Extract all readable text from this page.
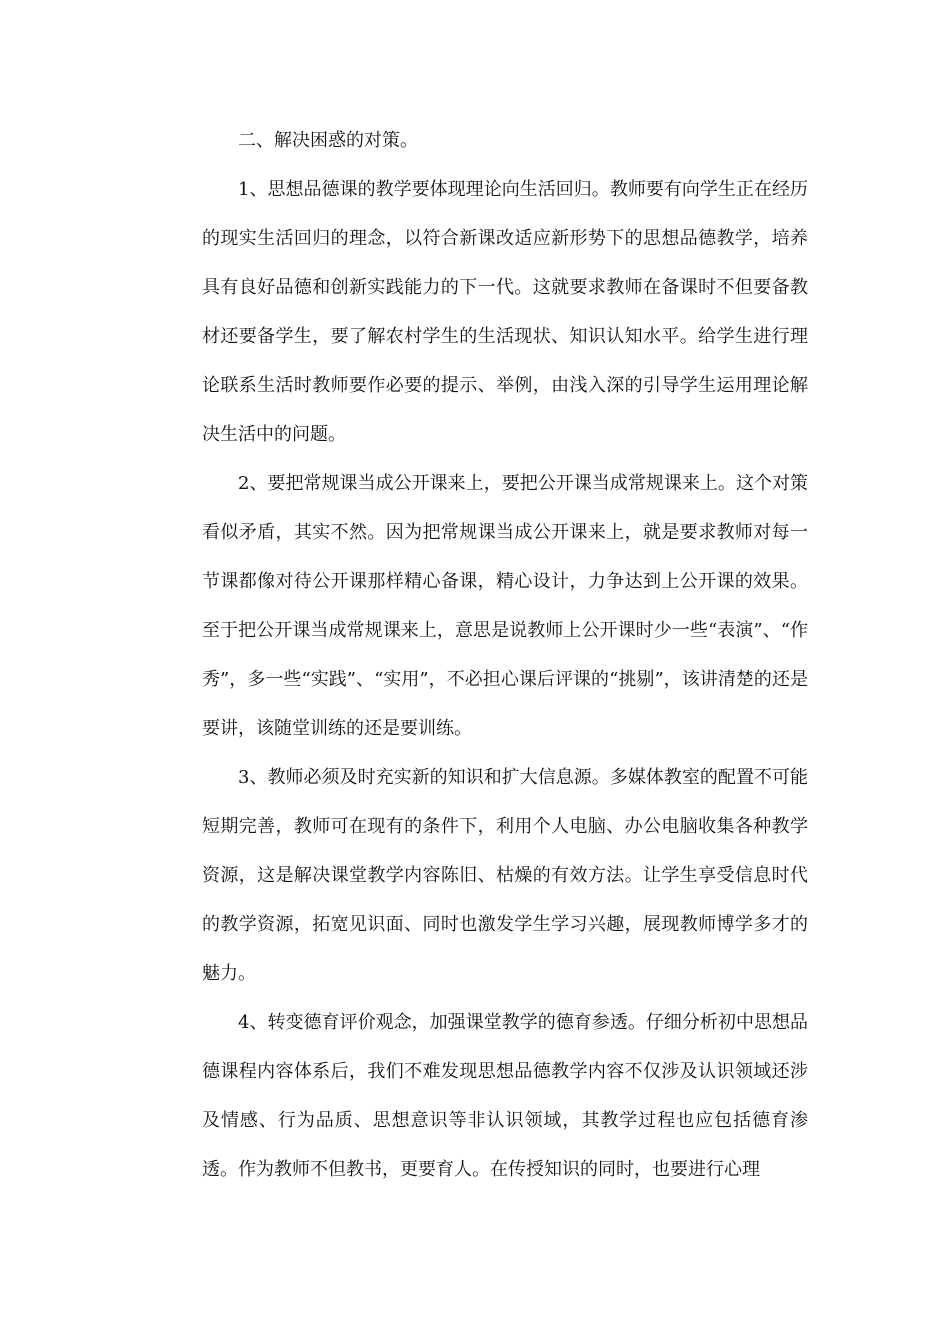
二、解决困惑的对策。

1、思想品德课的教学要体现理论向生活回归。教师要有向学生正在经历的现实生活回归的理念，以符合新课改适应新形势下的思想品德教学，培养具有良好品德和创新实践能力的下一代。这就要求教师在备课时不但要备教材还要备学生，要了解农村学生的生活现状、知识认知水平。给学生进行理论联系生活时教师要作必要的提示、举例，由浅入深的引导学生运用理论解决生活中的问题。

2、要把常规课当成公开课来上，要把公开课当成常规课来上。这个对策看似矛盾，其实不然。因为把常规课当成公开课来上，就是要求教师对每一节课都像对待公开课那样精心备课，精心设计，力争达到上公开课的效果。至于把公开课当成常规课来上，意思是说教师上公开课时少一些“表演”、“作秀”，多一些“实践”、“实用”，不必担心课后评课的“挑剔”，该讲清楚的还是要讲，该随堂训练的还是要训练。

3、教师必须及时充实新的知识和扩大信息源。多媒体教室的配置不可能短期完善，教师可在现有的条件下，利用个人电脑、办公电脑收集各种教学资源，这是解决课堂教学内容陈旧、枯燥的有效方法。让学生享受信息时代的教学资源，拓宽见识面、同时也激发学生学习兴趣，展现教师博学多才的魅力。

4、转变德育评价观念，加强课堂教学的德育参透。仔细分析初中思想品德课程内容体系后，我们不难发现思想品德教学内容不仅涉及认识领域还涉及情感、行为品质、思想意识等非认识领域，其教学过程也应包括德育渗透。作为教师不但教书，更要育人。在传授知识的同时，也要进行心理
